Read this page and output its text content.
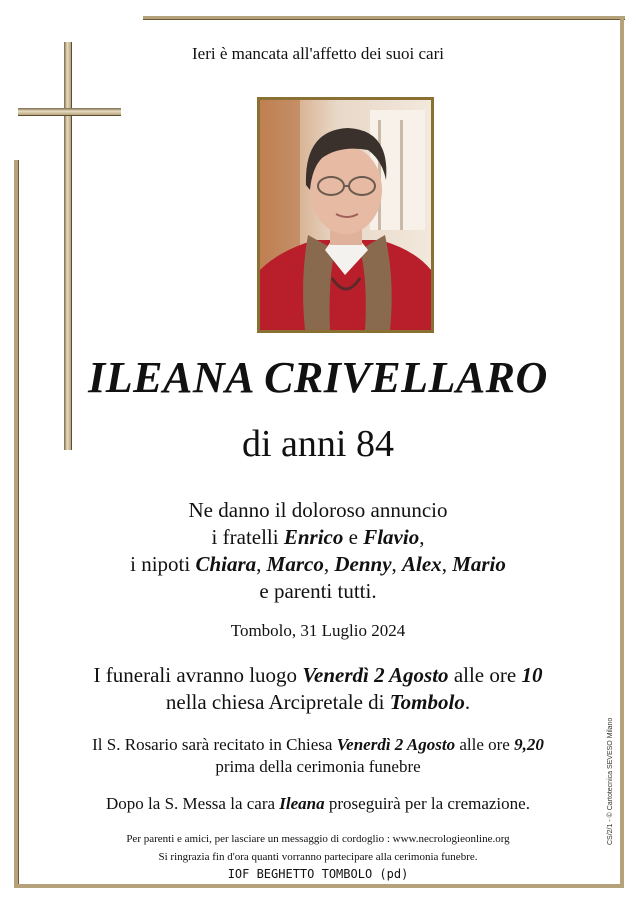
Ieri è mancata all'affetto dei suoi cari
ILEANA CRIVELLARO
di anni 84
Ne danno il doloroso annuncio
i fratelli Enrico e Flavio,
i nipoti Chiara, Marco, Denny, Alex, Mario
e parenti tutti.
Tombolo, 31 Luglio 2024
I funerali avranno luogo Venerdì 2 Agosto alle ore 10
nella chiesa Arcipretale di Tombolo.
Il S. Rosario sarà recitato in Chiesa Venerdì 2 Agosto alle ore 9,20
prima della cerimonia funebre
Dopo la S. Messa la cara Ileana proseguirà per la cremazione.
Per parenti e amici, per lasciare un messaggio di cordoglio : www.necrologieonline.org
Si ringrazia fin d'ora quanti vorranno partecipare alla cerimonia funebre.
IOF BEGHETTO TOMBOLO (pd)
CS/2/1 - © Cartotecnica SEVESO Milano
